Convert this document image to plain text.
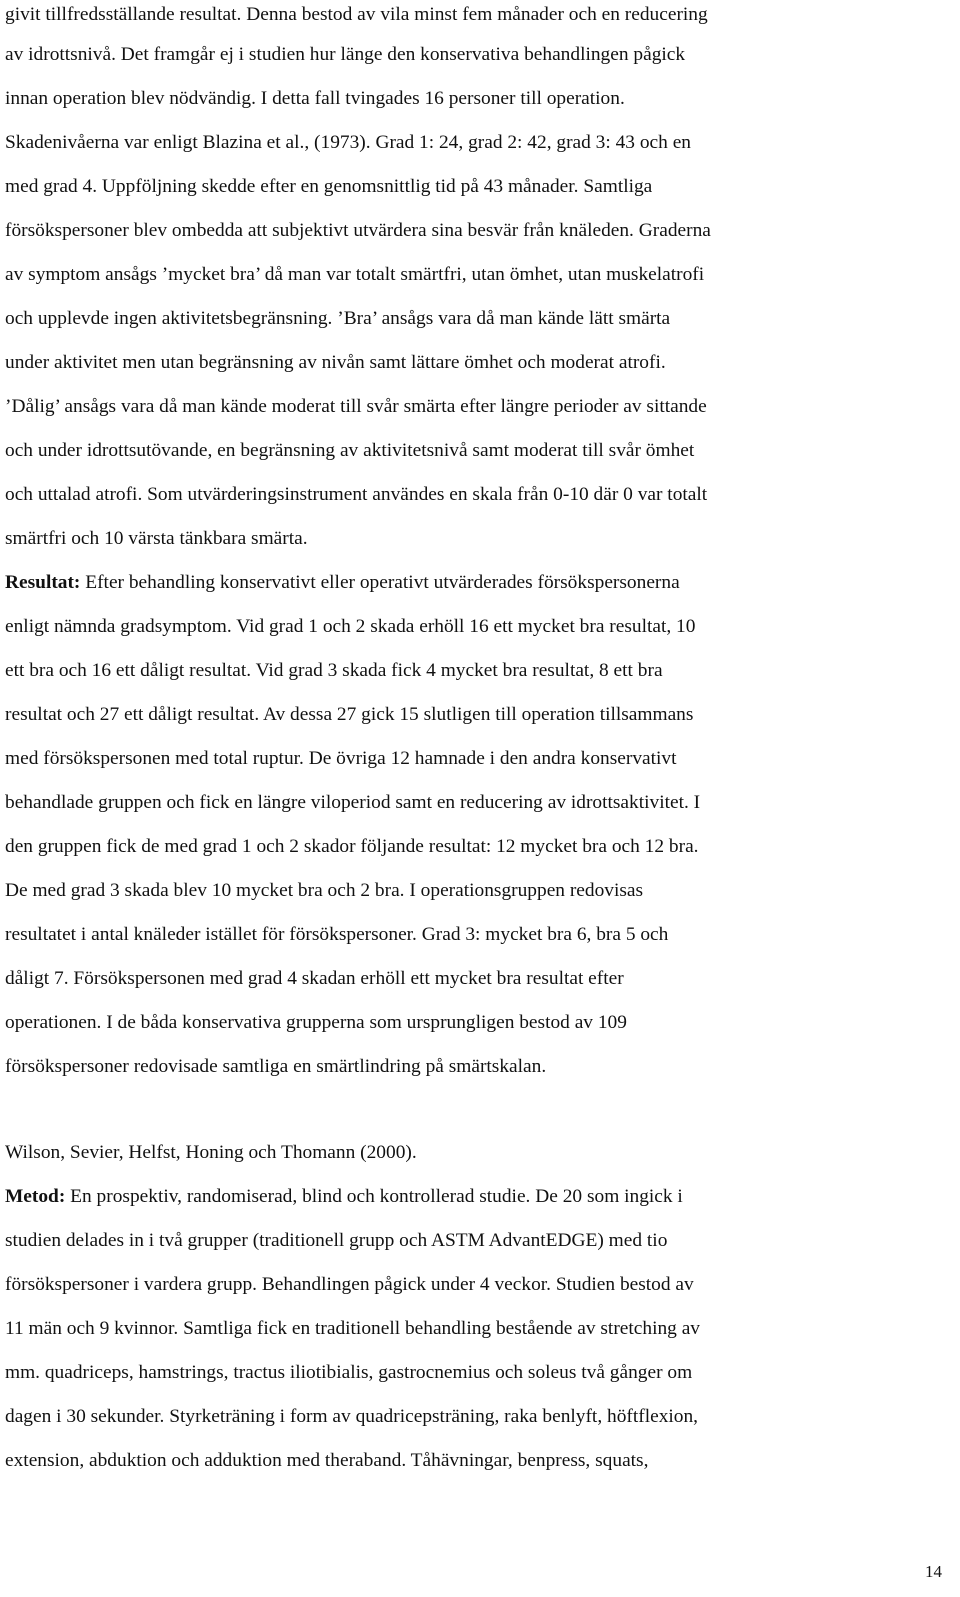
givit tillfredsställande resultat. Denna bestod av vila minst fem månader och en reducering
av idrottsnivå. Det framgår ej i studien hur länge den konservativa behandlingen pågick
innan operation blev nödvändig. I detta fall tvingades 16 personer till operation.
Skadenivåerna var enligt Blazina et al., (1973). Grad 1: 24, grad 2: 42, grad 3: 43 och en
med grad 4. Uppföljning skedde efter en genomsnittlig tid på 43 månader. Samtliga
försökspersoner blev ombedda att subjektivt utvärdera sina besvär från knäleden. Graderna
av symptom ansågs ’mycket bra’ då man var totalt smärtfri, utan ömhet, utan muskelatrofi
och upplevde ingen aktivitetsbegränsning. ’Bra’ ansågs vara då man kände lätt smärta
under aktivitet men utan begränsning av nivån samt lättare ömhet och moderat atrofi.
’Dålig’ ansågs vara då man kände moderat till svår smärta efter längre perioder av sittande
och under idrottsutövande, en begränsning av aktivitetsnivå samt moderat till svår ömhet
och uttalad atrofi. Som utvärderingsinstrument användes en skala från 0-10 där 0 var totalt
smärtfri och 10 värsta tänkbara smärta.
Resultat: Efter behandling konservativt eller operativt utvärderades försökspersonerna
enligt nämnda gradsymptom. Vid grad 1 och 2 skada erhöll 16 ett mycket bra resultat, 10
ett bra och 16 ett dåligt resultat. Vid grad 3 skada fick 4 mycket bra resultat, 8 ett bra
resultat och 27 ett dåligt resultat. Av dessa 27 gick 15 slutligen till operation tillsammans
med försökspersonen med total ruptur. De övriga 12 hamnade i den andra konservativt
behandlade gruppen och fick en längre viloperiod samt en reducering av idrottsaktivitet. I
den gruppen fick de med grad 1 och 2 skador följande resultat: 12 mycket bra och 12 bra.
De med grad 3 skada blev 10 mycket bra och 2 bra. I operationsgruppen redovisas
resultatet i antal knäleder istället för försökspersoner. Grad 3: mycket bra 6, bra 5 och
dåligt 7. Försökspersonen med grad 4 skadan erhöll ett mycket bra resultat efter
operationen. I de båda konservativa grupperna som ursprungligen bestod av 109
försökspersoner redovisade samtliga en smärtlindring på smärtskalan.
Wilson, Sevier, Helfst, Honing och Thomann (2000).
Metod: En prospektiv, randomiserad, blind och kontrollerad studie. De 20 som ingick i
studien delades in i två grupper (traditionell grupp och ASTM AdvantEDGE) med tio
försökspersoner i vardera grupp. Behandlingen pågick under 4 veckor. Studien bestod av
11 män och 9 kvinnor. Samtliga fick en traditionell behandling bestående av stretching av
mm. quadriceps, hamstrings, tractus iliotibialis, gastrocnemius och soleus två gånger om
dagen i 30 sekunder. Styrketräning i form av quadricepsträning, raka benlyft, höftflexion,
extension, abduktion och adduktion med theraband. Tåhävningar, benpress, squats,
14
